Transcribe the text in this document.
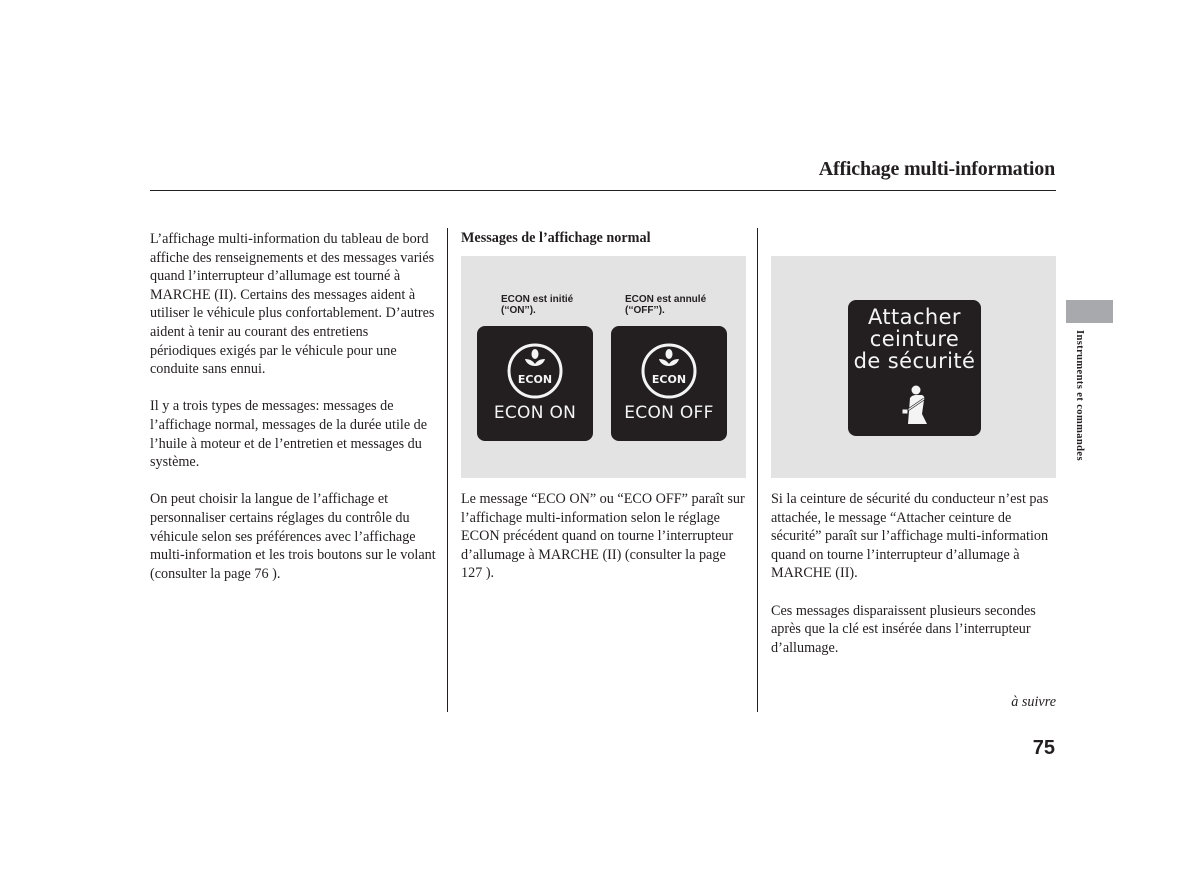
Affichage multi-information

L’affichage multi-information du tableau de bord affiche des renseignements et des messages variés quand l’interrupteur d’allumage est tourné à MARCHE (II). Certains des messages aident à utiliser le véhicule plus confortablement. D’autres aident à tenir au courant des entretiens périodiques exigés par le véhicule pour une conduite sans ennui.

Il y a trois types de messages: messages de l’affichage normal, messages de la durée utile de l’huile à moteur et de l’entretien et messages du système.

On peut choisir la langue de l’affichage et personnaliser certains réglages du contrôle du véhicule selon ses préférences avec l’affichage multi-information et les trois boutons sur le volant (consulter la page 76 ).

Messages de l’affichage normal
ECON est initié (‘‘ON’’).
ECON est annulé (‘‘OFF’’).
ECON
ECON ON
ECON
ECON OFF

Le message “ECO ON” ou “ECO OFF” paraît sur l’affichage multi-information selon le réglage ECON précédent quand on tourne l’interrupteur d’allumage à MARCHE (II) (consulter la page 127 ).

Attacher
ceinture
de sécurité

Si la ceinture de sécurité du conducteur n’est pas attachée, le message “Attacher ceinture de sécurité” paraît sur l’affichage multi-information quand on tourne l’interrupteur d’allumage à MARCHE (II).

Ces messages disparaissent plusieurs secondes après que la clé est insérée dans l’interrupteur d’allumage.

Instruments et commandes
à suivre
75
